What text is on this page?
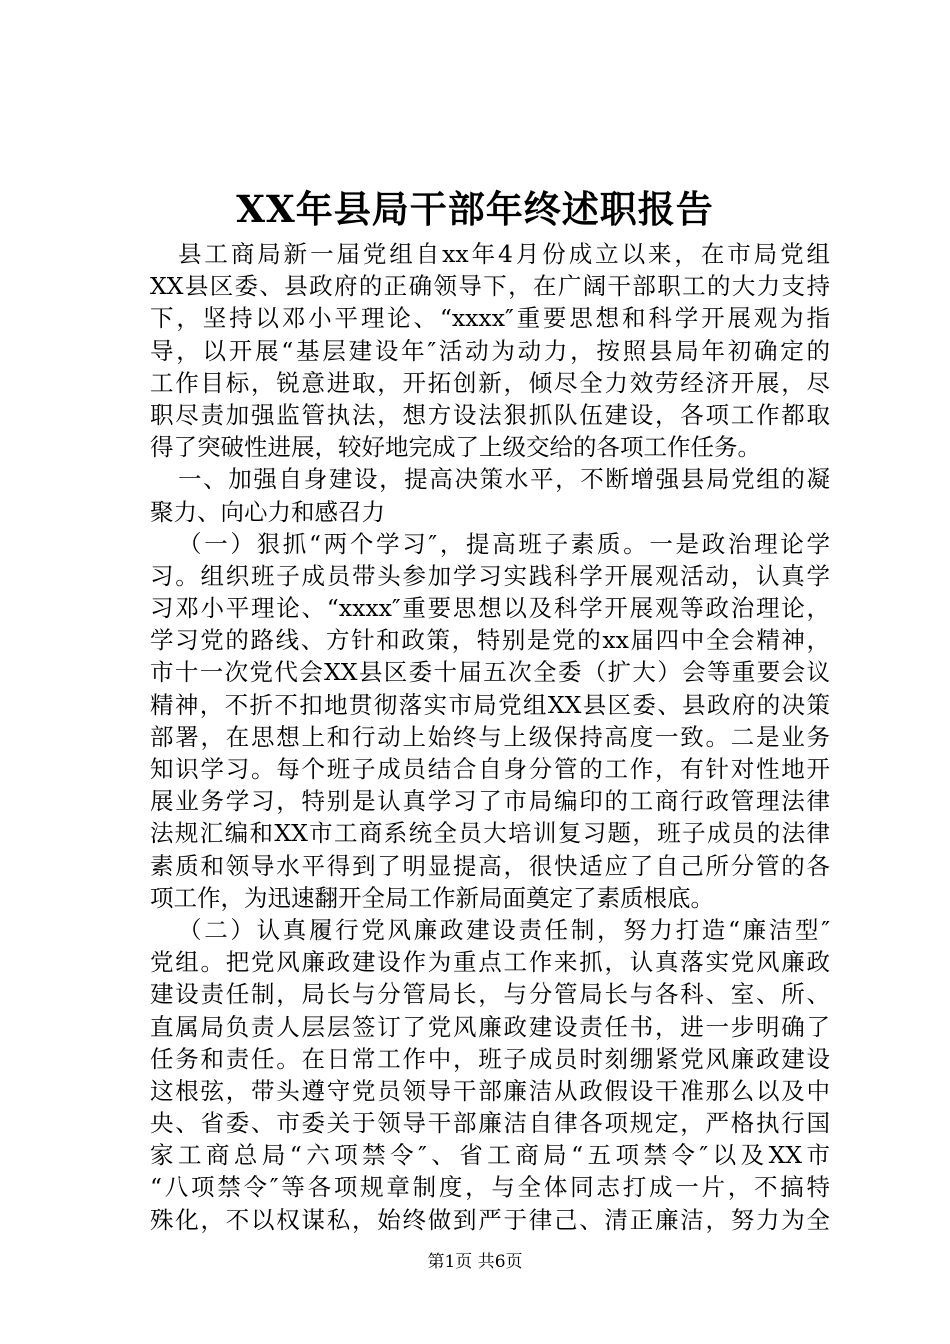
XX年县局干部年终述职报告
县工商局新一届党组自xx年4月份成立以来，在市局党组
XX县区委、县政府的正确领导下，在广阔干部职工的大力支持
下，坚持以邓小平理论、“xxxx″重要思想和科学开展观为指
导，以开展“基层建设年″活动为动力，按照县局年初确定的
工作目标，锐意进取，开拓创新，倾尽全力效劳经济开展，尽
职尽责加强监管执法，想方设法狠抓队伍建设，各项工作都取
得了突破性进展，较好地完成了上级交给的各项工作任务。
一、加强自身建设，提高决策水平，不断增强县局党组的凝
聚力、向心力和感召力
（一）狠抓“两个学习″，提高班子素质。一是政治理论学
习。组织班子成员带头参加学习实践科学开展观活动，认真学
习邓小平理论、“xxxx″重要思想以及科学开展观等政治理论，
学习党的路线、方针和政策，特别是党的xx届四中全会精神，
市十一次党代会XX县区委十届五次全委（扩大）会等重要会议
精神，不折不扣地贯彻落实市局党组XX县区委、县政府的决策
部署，在思想上和行动上始终与上级保持高度一致。二是业务
知识学习。每个班子成员结合自身分管的工作，有针对性地开
展业务学习，特别是认真学习了市局编印的工商行政管理法律
法规汇编和XX市工商系统全员大培训复习题，班子成员的法律
素质和领导水平得到了明显提高，很快适应了自己所分管的各
项工作，为迅速翻开全局工作新局面奠定了素质根底。
（二）认真履行党风廉政建设责任制，努力打造“廉洁型″
党组。把党风廉政建设作为重点工作来抓，认真落实党风廉政
建设责任制，局长与分管局长，与分管局长与各科、室、所、
直属局负责人层层签订了党风廉政建设责任书，进一步明确了
任务和责任。在日常工作中，班子成员时刻绷紧党风廉政建设
这根弦，带头遵守党员领导干部廉洁从政假设干准那么以及中
央、省委、市委关于领导干部廉洁自律各项规定，严格执行国
家工商总局“六项禁令″、省工商局“五项禁令″以及XX市
“八项禁令″等各项规章制度，与全体同志打成一片，不搞特
殊化，不以权谋私，始终做到严于律己、清正廉洁，努力为全
第1页 共6页
